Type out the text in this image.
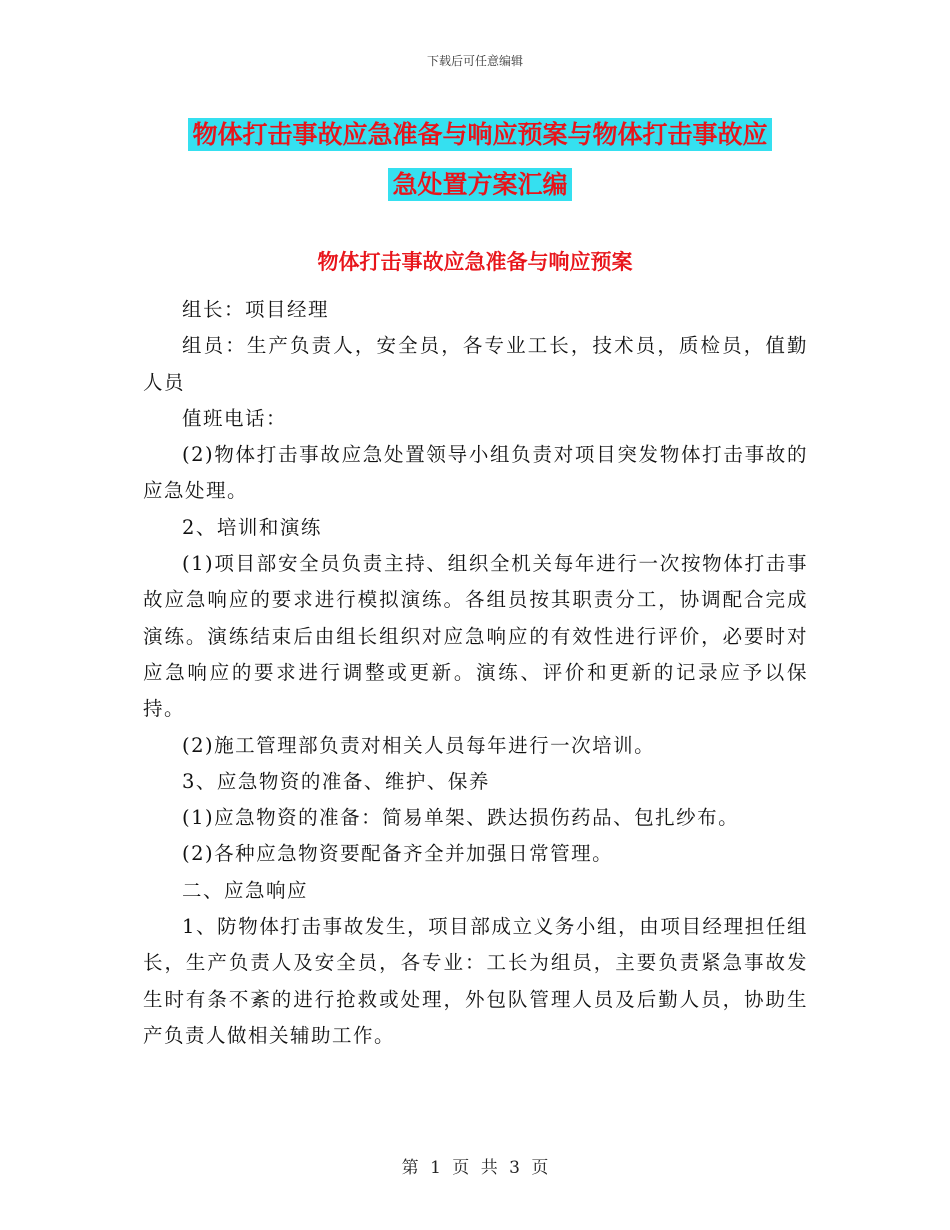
下载后可任意编辑
物体打击事故应急准备与响应预案与物体打击事故应
急处置方案汇编
物体打击事故应急准备与响应预案

组长：项目经理

组员：生产负责人，安全员，各专业工长，技术员，质检员，值勤人员

值班电话：

(2)物体打击事故应急处置领导小组负责对项目突发物体打击事故的应急处理。

2、培训和演练

(1)项目部安全员负责主持、组织全机关每年进行一次按物体打击事故应急响应的要求进行模拟演练。各组员按其职责分工，协调配合完成演练。演练结束后由组长组织对应急响应的有效性进行评价，必要时对应急响应的要求进行调整或更新。演练、评价和更新的记录应予以保持。

(2)施工管理部负责对相关人员每年进行一次培训。

3、应急物资的准备、维护、保养

(1)应急物资的准备：简易单架、跌达损伤药品、包扎纱布。

(2)各种应急物资要配备齐全并加强日常管理。

二、应急响应

1、防物体打击事故发生，项目部成立义务小组，由项目经理担任组长，生产负责人及安全员，各专业：工长为组员，主要负责紧急事故发生时有条不紊的进行抢救或处理，外包队管理人员及后勤人员，协助生产负责人做相关辅助工作。

第 1 页 共 3 页
